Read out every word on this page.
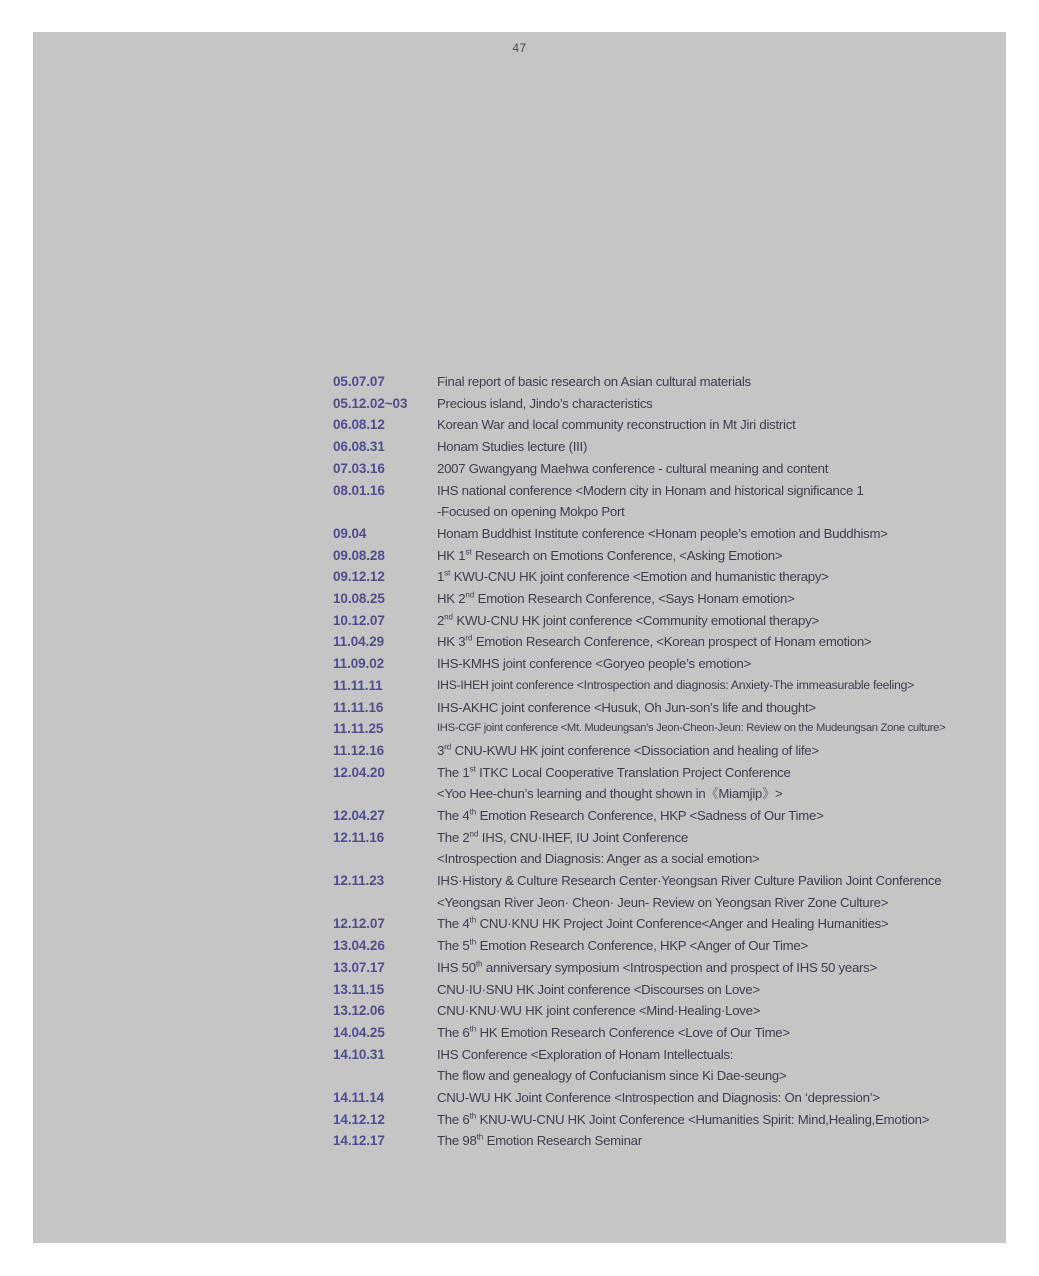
47
05.07.07	Final report of basic research on Asian cultural materials
05.12.02~03	Precious island, Jindo’s characteristics
06.08.12	Korean War and local community reconstruction in Mt Jiri district
06.08.31	Honam Studies lecture (III)
07.03.16	2007 Gwangyang Maehwa conference - cultural meaning and content
08.01.16	IHS national conference <Modern city in Honam and historical significance 1
-Focused on opening Mokpo Port
09.04	Honam Buddhist Institute conference <Honam people’s emotion and Buddhism>
09.08.28	HK 1st Research on Emotions Conference, <Asking Emotion>
09.12.12	1st KWU-CNU HK joint conference <Emotion and humanistic therapy>
10.08.25	HK 2nd Emotion Research Conference, <Says Honam emotion>
10.12.07	2nd KWU-CNU HK joint conference <Community emotional therapy>
11.04.29	HK 3rd Emotion Research Conference, <Korean prospect of Honam emotion>
11.09.02	IHS-KMHS joint conference <Goryeo people’s emotion>
11.11.11	IHS-IHEH joint conference <Introspection and diagnosis: Anxiety-The immeasurable feeling>
11.11.16	IHS-AKHC joint conference <Husuk, Oh Jun-son’s life and thought>
11.11.25	IHS-CGF joint conference <Mt. Mudeungsan’s Jeon-Cheon-Jeun: Review on the Mudeungsan Zone culture>
11.12.16	3rd CNU-KWU HK joint conference <Dissociation and healing of life>
12.04.20	The 1st ITKC Local Cooperative Translation Project Conference
<Yoo Hee-chun’s learning and thought shown in《Miamjip》>
12.04.27	The 4th Emotion Research Conference, HKP <Sadness of Our Time>
12.11.16	The 2nd IHS, CNU·IHEF, IU Joint Conference
<Introspection and Diagnosis: Anger as a social emotion>
12.11.23	IHS·History & Culture Research Center·Yeongsan River Culture Pavilion Joint Conference
<Yeongsan River Jeon· Cheon· Jeun- Review on Yeongsan River Zone Culture>
12.12.07	The 4th CNU·KNU HK Project Joint Conference<Anger and Healing Humanities>
13.04.26	The 5th Emotion Research Conference, HKP <Anger of Our Time>
13.07.17	IHS 50th anniversary symposium <Introspection and prospect of IHS 50 years>
13.11.15	CNU·IU·SNU HK Joint conference <Discourses on Love>
13.12.06	CNU·KNU·WU HK joint conference <Mind·Healing·Love>
14.04.25	The 6th HK Emotion Research Conference <Love of Our Time>
14.10.31	IHS Conference <Exploration of Honam Intellectuals:
The flow and genealogy of Confucianism since Ki Dae-seung>
14.11.14	CNU-WU HK Joint Conference <Introspection and Diagnosis: On ‘depression’>
14.12.12	The 6th KNU-WU-CNU HK Joint Conference <Humanities Spirit: Mind,Healing,Emotion>
14.12.17	The 98th Emotion Research Seminar
